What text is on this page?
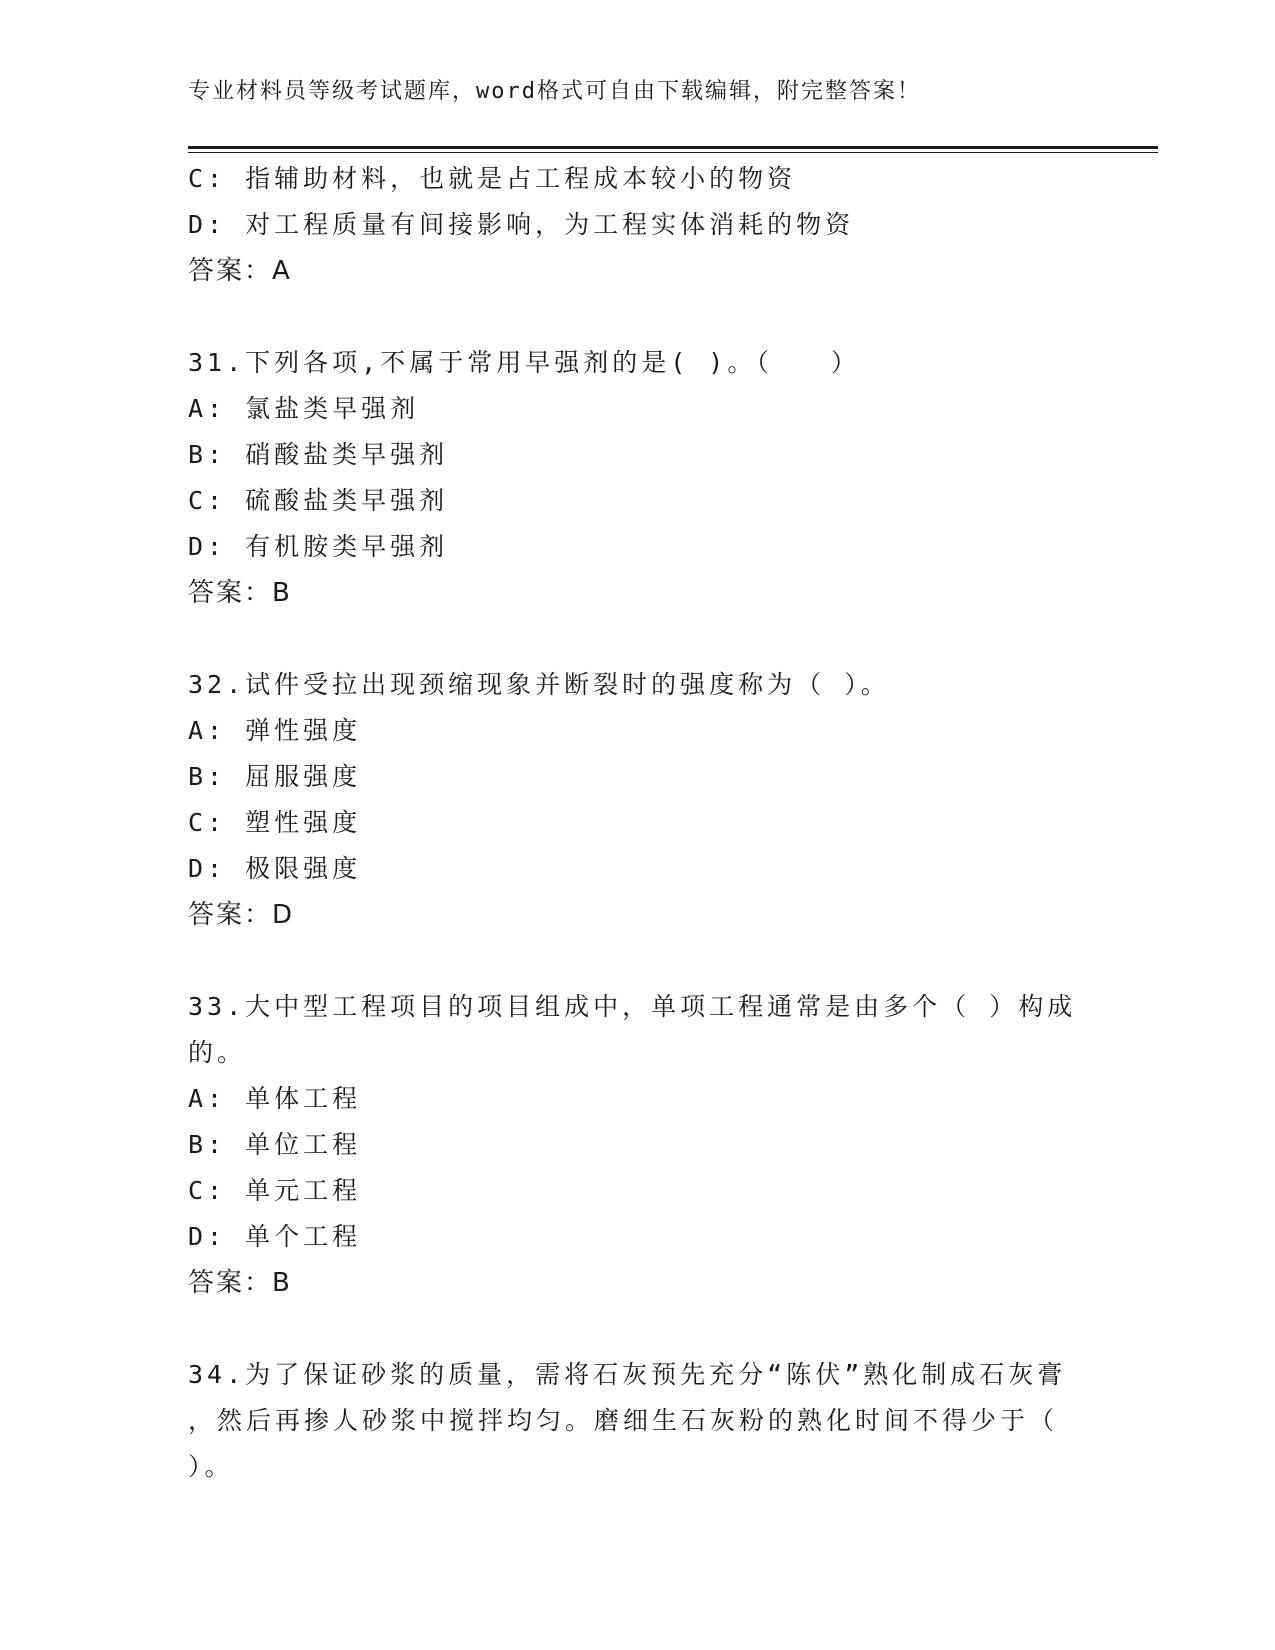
专业材料员等级考试题库，word格式可自由下载编辑，附完整答案！
C: 指辅助材料，也就是占工程成本较小的物资
D: 对工程质量有间接影响，为工程实体消耗的物资
答案：A
31.下列各项,不属于常用早强剂的是( )。（　　）
A: 氯盐类早强剂
B: 硝酸盐类早强剂
C: 硫酸盐类早强剂
D: 有机胺类早强剂
答案：B
32.试件受拉出现颈缩现象并断裂时的强度称为（ ）。
A: 弹性强度
B: 屈服强度
C: 塑性强度
D: 极限强度
答案：D
33.大中型工程项目的项目组成中，单项工程通常是由多个（ ）构成
的。
A: 单体工程
B: 单位工程
C: 单元工程
D: 单个工程
答案：B
34.为了保证砂浆的质量，需将石灰预先充分“陈伏”熟化制成石灰膏
，然后再掺人砂浆中搅拌均匀。磨细生石灰粉的熟化时间不得少于（
）。
